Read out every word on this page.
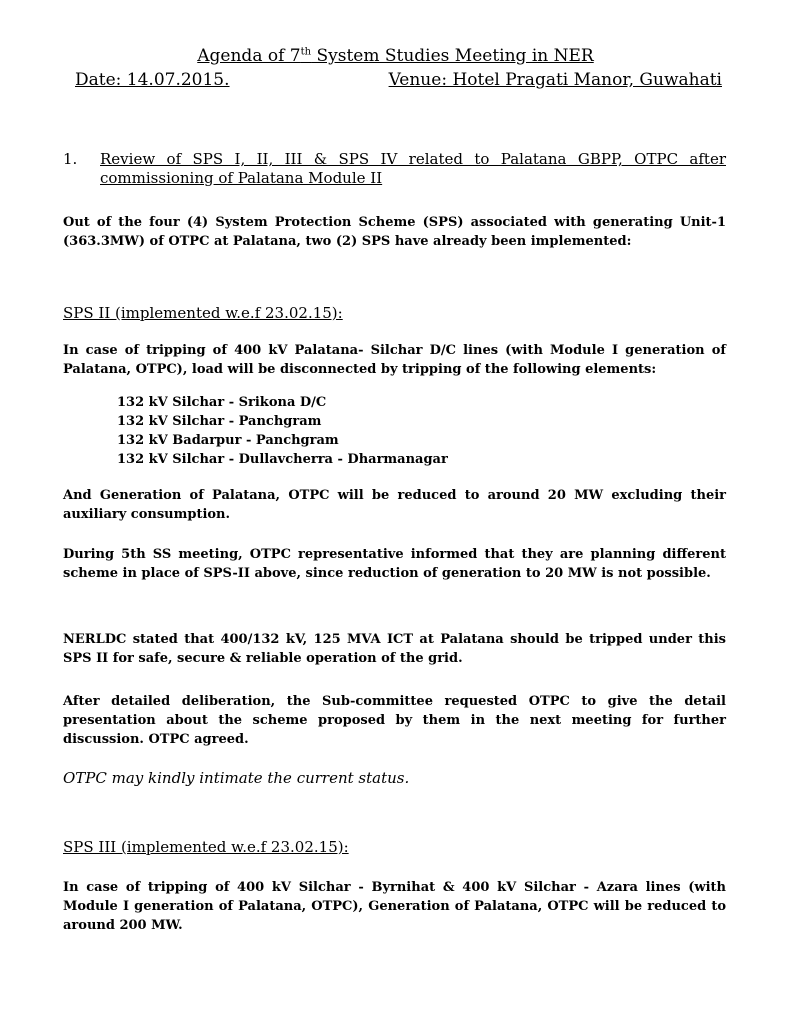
Agenda of 7th System Studies Meeting in NER
Date: 14.07.2015.	Venue: Hotel Pragati Manor, Guwahati
1. Review of SPS I, II, III & SPS IV related to Palatana GBPP, OTPC after commissioning of Palatana Module II
Out of the four (4) System Protection Scheme (SPS) associated with generating Unit-1 (363.3MW) of OTPC at Palatana, two (2) SPS have already been implemented:
SPS II (implemented w.e.f 23.02.15):
In case of tripping of 400 kV Palatana- Silchar D/C lines (with Module I generation of Palatana, OTPC), load will be disconnected by tripping of the following elements:
132 kV Silchar - Srikona D/C
132 kV Silchar - Panchgram
132 kV Badarpur - Panchgram
132 kV Silchar - Dullavcherra - Dharmanagar
And Generation of Palatana, OTPC will be reduced to around 20 MW excluding their auxiliary consumption.
During 5th SS meeting, OTPC representative informed that they are planning different scheme in place of SPS-II above, since reduction of generation to 20 MW is not possible.
NERLDC stated that 400/132 kV, 125 MVA ICT at Palatana should be tripped under this SPS II for safe, secure & reliable operation of the grid.
After detailed deliberation, the Sub-committee requested OTPC to give the detail presentation about the scheme proposed by them in the next meeting for further discussion. OTPC agreed.
OTPC may kindly intimate the current status.
SPS III (implemented w.e.f 23.02.15):
In case of tripping of 400 kV Silchar - Byrnihat & 400 kV Silchar - Azara lines (with Module I generation of Palatana, OTPC), Generation of Palatana, OTPC will be reduced to around 200 MW.
